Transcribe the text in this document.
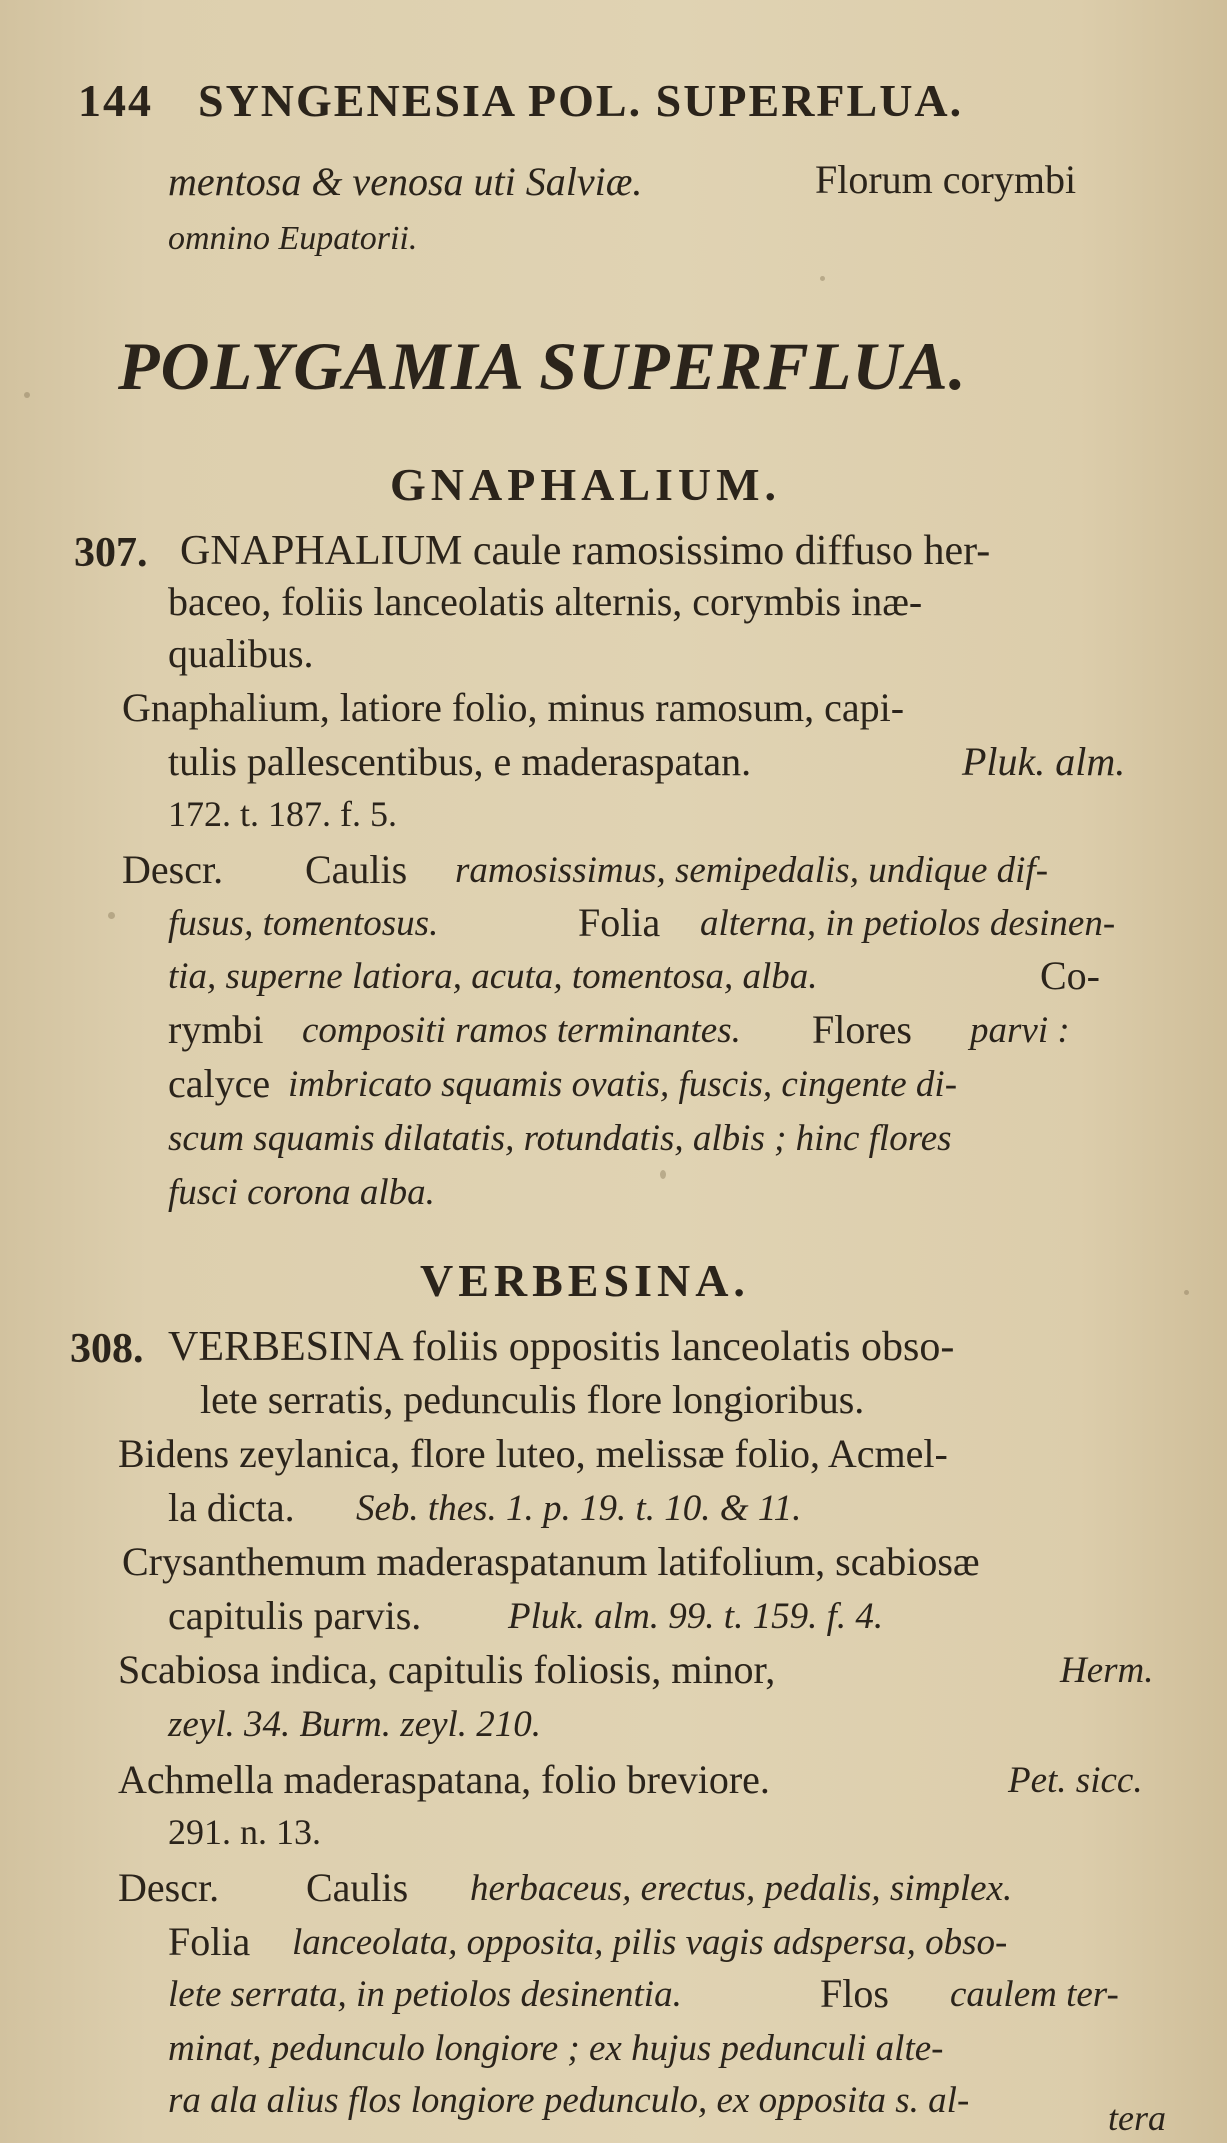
144 SYNGENESIA POL. SUPERFLUA.
mentosa & venosa uti Salviæ.	Florum corymbi
omnino Eupatorii.
POLYGAMIA SUPERFLUA.
GNAPHALIUM.
307. GNAPHALIUM caule ramosissimo diffuso her-
baceo, foliis lanceolatis alternis, corymbis inæ-
qualibus.
Gnaphalium, latiore folio, minus ramosum, capi-
tulis pallescentibus, e maderaspatan.	Pluk. alm.
172. t. 187. f. 5.
Descr. Caulis ramosissimus, semipedalis, undique dif-
fusus, tomentosus.	Folia alterna, in petiolos desinen-
tia, superne latiora, acuta, tomentosa, alba.	Co-
rymbi compositi ramos terminantes. Flores parvi :
calyce imbricato squamis ovatis, fuscis, cingente di-
scum squamis dilatatis, rotundatis, albis ; hinc flores
fusci corona alba.
VERBESINA.
308. VERBESINA foliis oppositis lanceolatis obso-
lete serratis, pedunculis flore longioribus.
Bidens zeylanica, flore luteo, melissæ folio, Acmel-
la dicta. Seb. thes. 1. p. 19. t. 10. & 11.
Crysanthemum maderaspatanum latifolium, scabiosæ
capitulis parvis. Pluk. alm. 99. t. 159. f. 4.
Scabiosa indica, capitulis foliosis, minor,	Herm.
zeyl. 34. Burm. zeyl. 210.
Achmella maderaspatana, folio breviore.	Pet. sicc.
291. n. 13.
Descr. Caulis herbaceus, erectus, pedalis, simplex.
Folia lanceolata, opposita, pilis vagis adspersa, obso-
lete serrata, in petiolos desinentia.	Flos caulem ter-
minat, pedunculo longiore ; ex hujus pedunculi alte-
ra ala alius flos longiore pedunculo, ex opposita s. al-	tera
